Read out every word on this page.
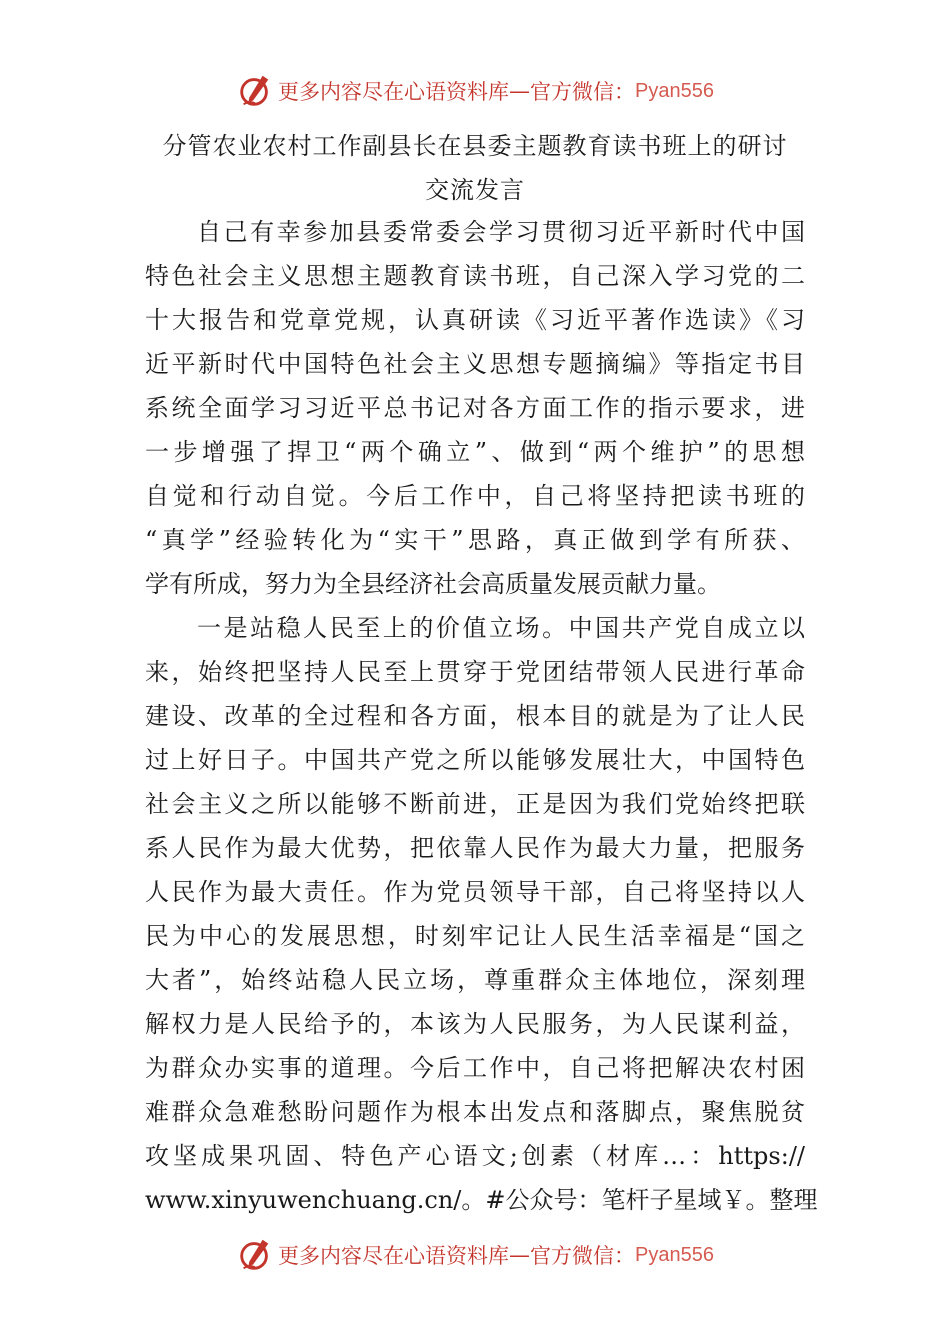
更多内容尽在心语资料库 — 官方微信： Pyan556
分管农业农村工作副县长在县委主题教育读书班上的研讨
交流发言
自己有幸参加县委常委会学习贯彻习近平新时代中国
特色社会主义思想主题教育读书班，自己深入学习党的二
十大报告和党章党规，认真研读《习近平著作选读》《习
近平新时代中国特色社会主义思想专题摘编》等指定书目
系统全面学习习近平总书记对各方面工作的指示要求，进
一步增强了捍卫“两个确立”、做到“两个维护”的思想
自觉和行动自觉。今后工作中，自己将坚持把读书班的
“真学”经验转化为“实干”思路，真正做到学有所获、
学有所成，努力为全县经济社会高质量发展贡献力量。
一是站稳人民至上的价值立场。中国共产党自成立以
来，始终把坚持人民至上贯穿于党团结带领人民进行革命
建设、改革的全过程和各方面，根本目的就是为了让人民
过上好日子。中国共产党之所以能够发展壮大，中国特色
社会主义之所以能够不断前进，正是因为我们党始终把联
系人民作为最大优势，把依靠人民作为最大力量，把服务
人民作为最大责任。作为党员领导干部，自己将坚持以人
民为中心的发展思想，时刻牢记让人民生活幸福是“国之
大者”，始终站稳人民立场，尊重群众主体地位，深刻理
解权力是人民给予的，本该为人民服务，为人民谋利益，
为群众办实事的道理。今后工作中，自己将把解决农村困
难群众急难愁盼问题作为根本出发点和落脚点，聚焦脱贫
攻坚成果巩固、特色产心语文;创素（材库…：https://
www.xinyuwenchuang.cn/。#公众号：笔杆子星域￥。整理
更多内容尽在心语资料库 — 官方微信： Pyan556
